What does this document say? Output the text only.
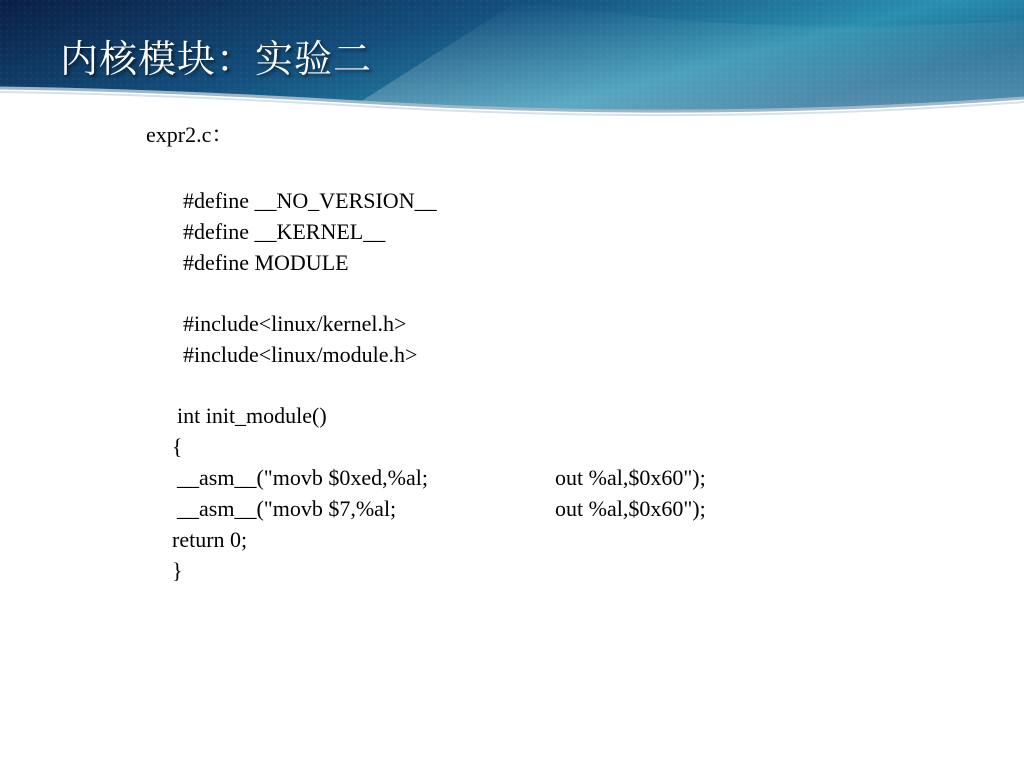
内核模块：实验二
expr2.c：
#define __NO_VERSION__
#define __KERNEL__
#define MODULE
#include<linux/kernel.h>
#include<linux/module.h>
int init_module()
{
__asm__("movb $0xed,%al;	out %al,$0x60");
__asm__("movb $7,%al;	out %al,$0x60");
return 0;
}
